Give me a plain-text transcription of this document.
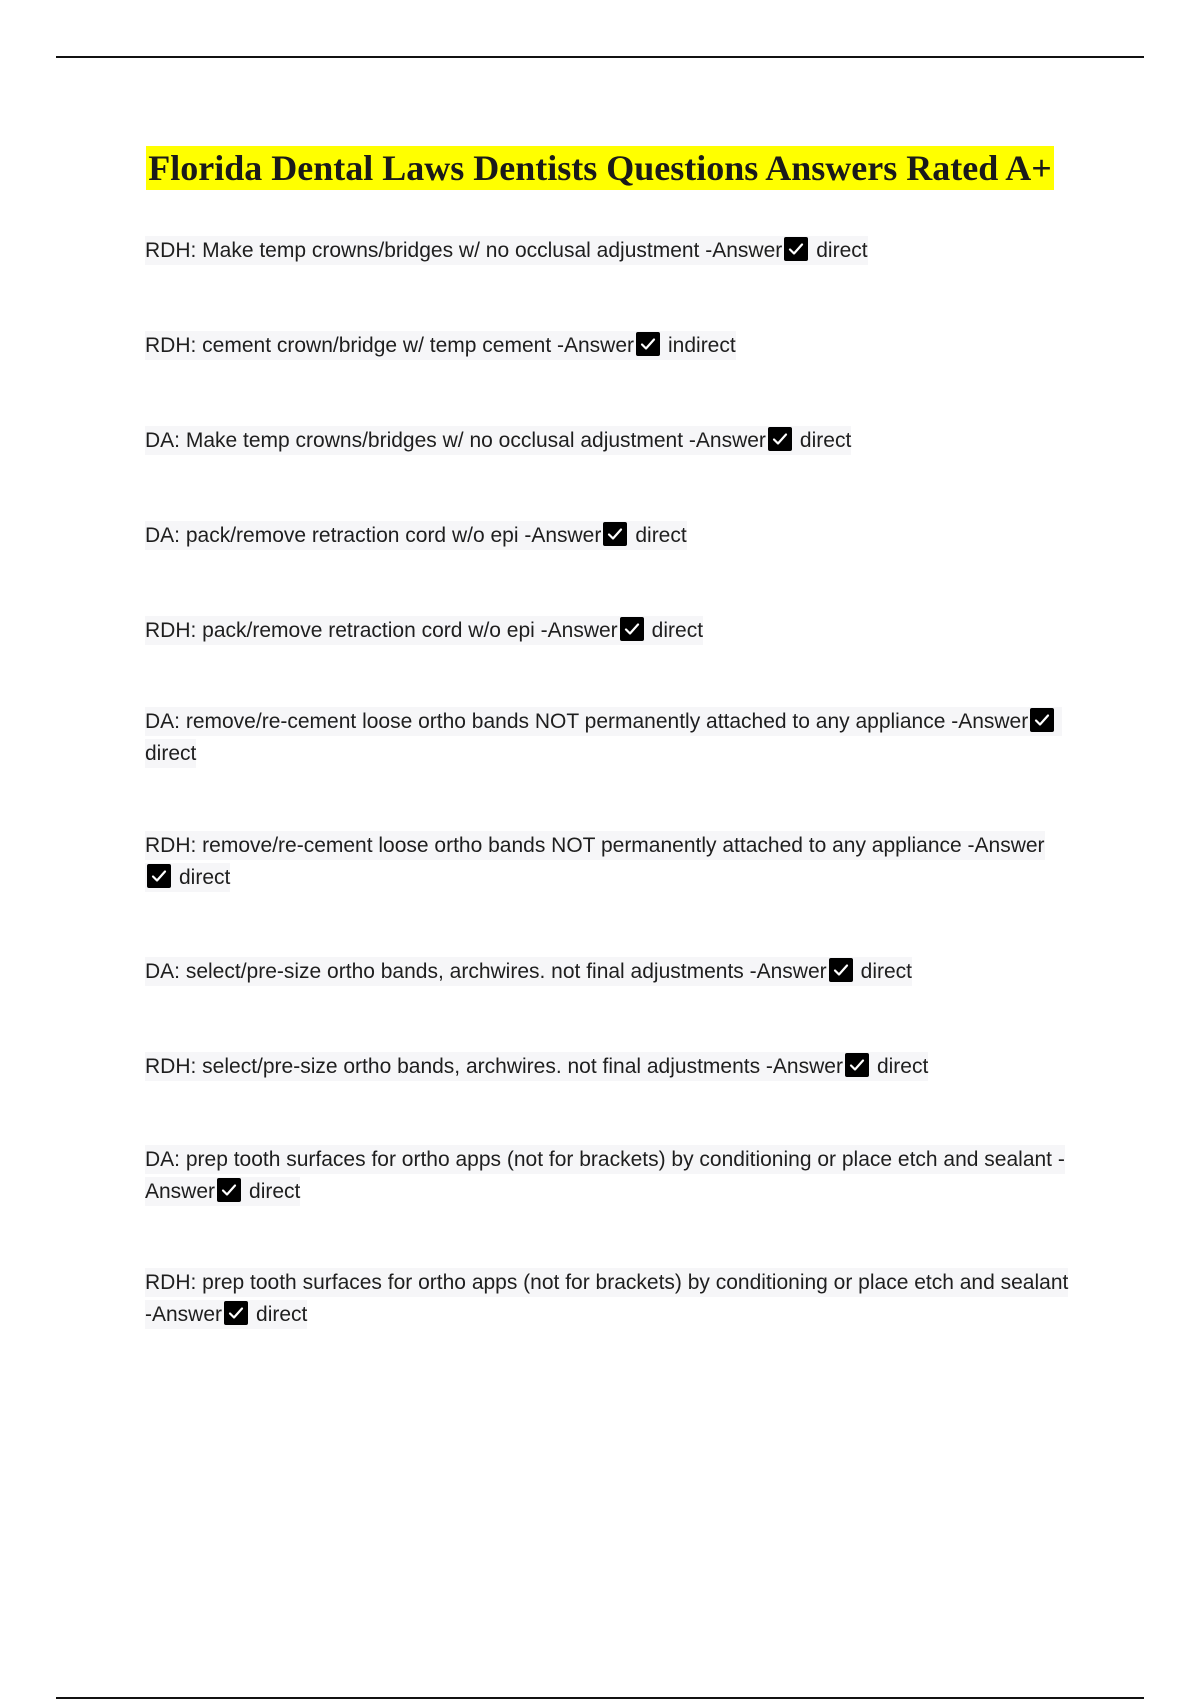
Florida Dental Laws Dentists Questions Answers Rated A+
RDH: Make temp crowns/bridges w/ no occlusal adjustment -Answer direct
RDH: cement crown/bridge w/ temp cement -Answer indirect
DA: Make temp crowns/bridges w/ no occlusal adjustment -Answer direct
DA: pack/remove retraction cord w/o epi -Answer direct
RDH: pack/remove retraction cord w/o epi -Answer direct
DA: remove/re-cement loose ortho bands NOT permanently attached to any appliance -Answer
direct
RDH: remove/re-cement loose ortho bands NOT permanently attached to any appliance -Answer
direct
DA: select/pre-size ortho bands, archwires. not final adjustments -Answer direct
RDH: select/pre-size ortho bands, archwires. not final adjustments -Answer direct
DA: prep tooth surfaces for ortho apps (not for brackets) by conditioning or place etch and sealant -Answer direct
RDH: prep tooth surfaces for ortho apps (not for brackets) by conditioning or place etch and sealant -Answer direct
